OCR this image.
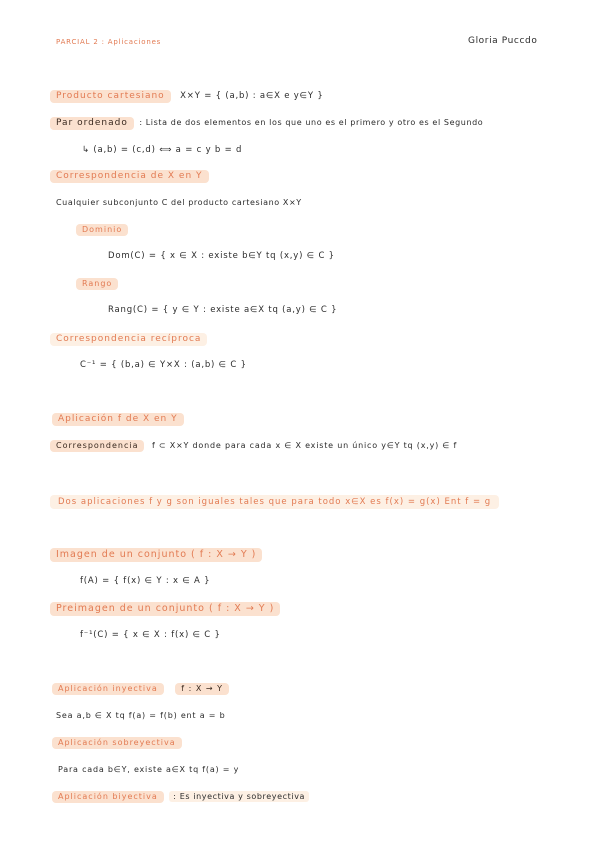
PARCIAL 2 : Aplicaciones	Gloria Puccdo
Producto cartesiano X×Y = { (a,b) : a∈X e y∈Y }
Par ordenado : Lista de dos elementos en los que uno es el primero y otro es el Segundo
↳ (a,b) = (c,d) ⟺ a = c y b = d
Correspondencia de X en Y
Cualquier subconjunto C del producto cartesiano X×Y
Dominio
Dom(C) = { x ∈ X : existe b∈Y tq (x,y) ∈ C }
Rango
Rang(C) = { y ∈ Y : existe a∈X tq (a,y) ∈ C }
Correspondencia recíproca
C⁻¹ = { (b,a) ∈ Y×X : (a,b) ∈ C }
Aplicación f de X en Y
Correspondencia f ⊂ X×Y donde para cada x ∈ X existe un único y∈Y tq (x,y) ∈ f
Dos aplicaciones f y g son iguales tales que para todo x∈X es f(x) = g(x) Ent f = g
Imagen de un conjunto ( f : X → Y )
f(A) = { f(x) ∈ Y : x ∈ A }
Preimagen de un conjunto ( f : X → Y )
f⁻¹(C) = { x ∈ X : f(x) ∈ C }
Aplicación inyectiva	f : X → Y
Sea a,b ∈ X tq f(a) = f(b) ent a = b
Aplicación sobreyectiva
Para cada b∈Y, existe a∈X tq f(a) = y
Aplicación biyectiva : Es inyectiva y sobreyectiva
